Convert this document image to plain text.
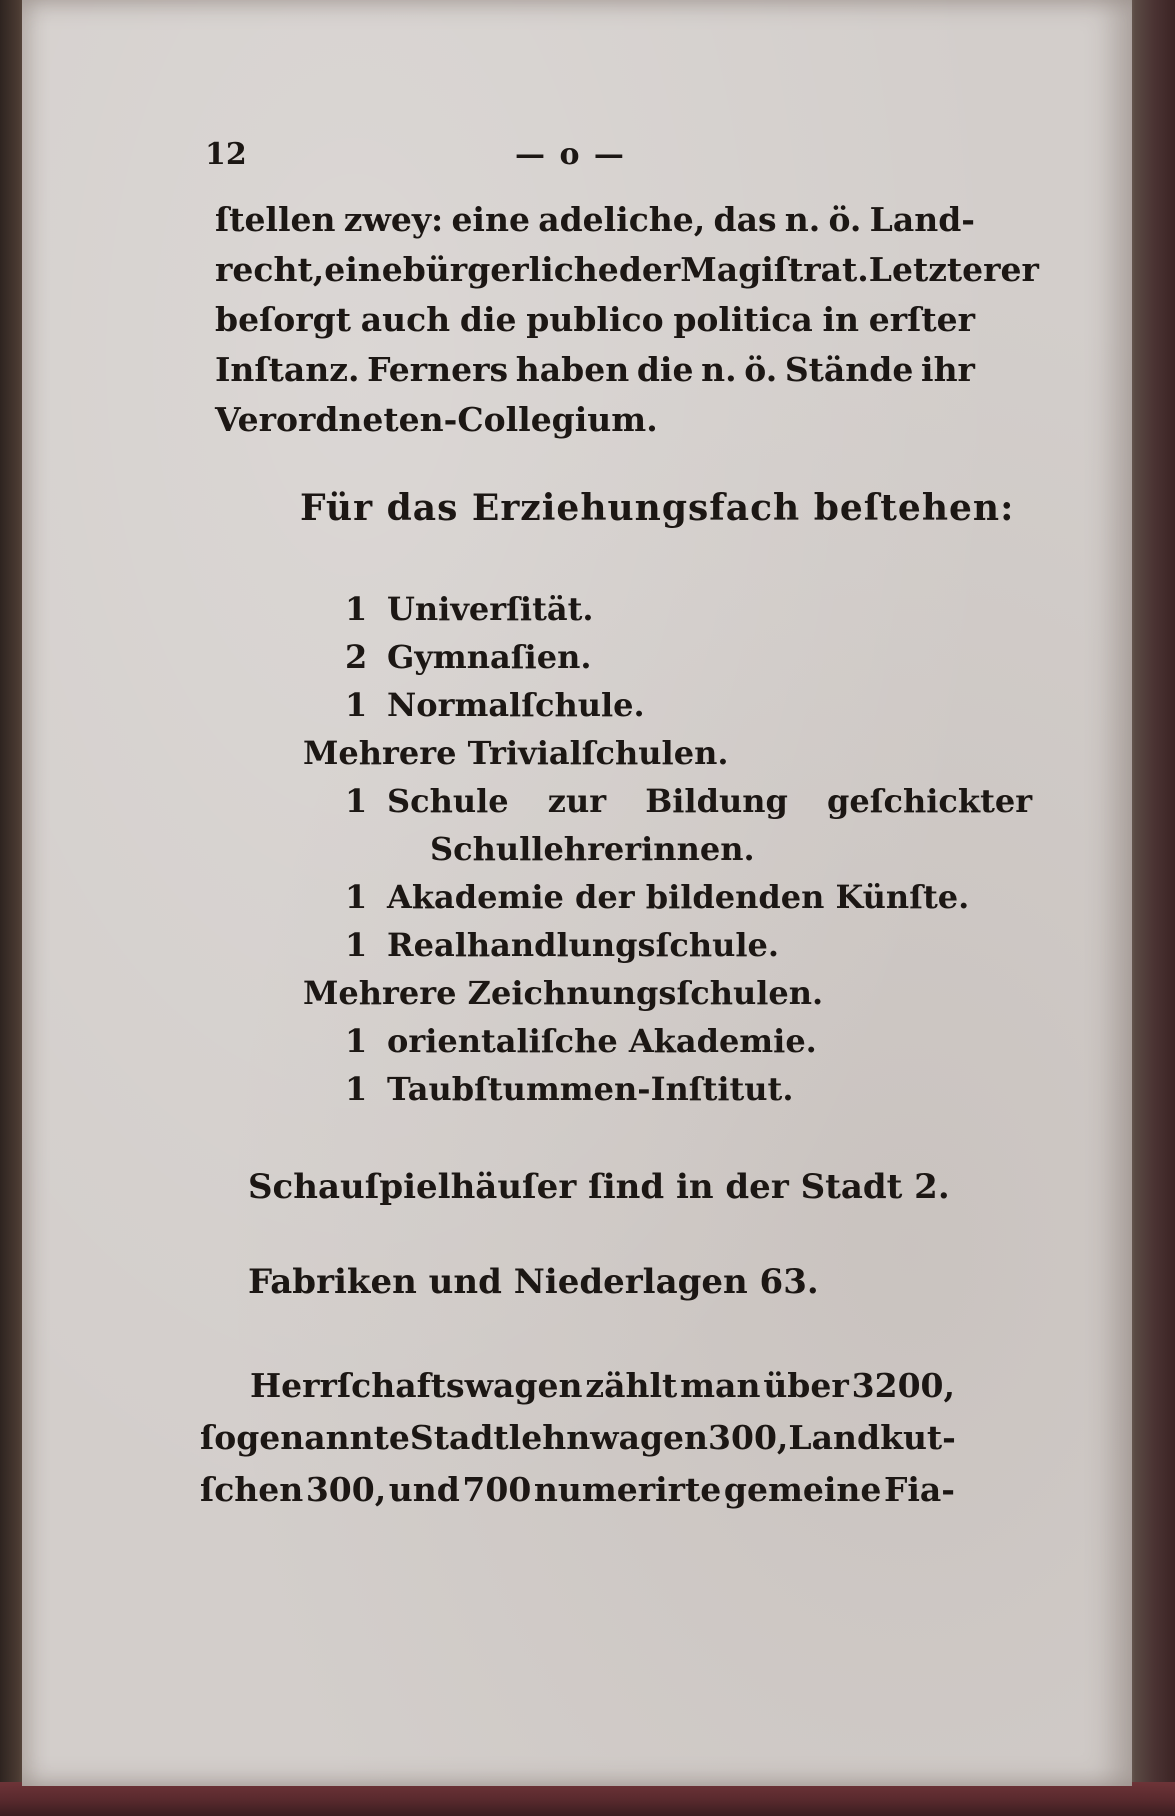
12	— o —
ſtellen zwey: eine adeliche, das n. ö. Land-
recht, eine bürgerliche der Magiſtrat. Letzterer
beſorgt auch die publico politica in erſter
Inſtanz. Ferners haben die n. ö. Stände ihr
Verordneten-Collegium.
Für das Erziehungsfach beſtehen:
1 Univerſität.
2 Gymnaſien.
1 Normalſchule.
Mehrere Trivialſchulen.
1 Schule zur Bildung geſchickter
Schullehrerinnen.
1 Akademie der bildenden Künſte.
1 Realhandlungsſchule.
Mehrere Zeichnungsſchulen.
1 orientaliſche Akademie.
1 Taubſtummen-Inſtitut.
Schauſpielhäuſer ſind in der Stadt 2.
Fabriken und Niederlagen 63.
Herrſchaftswagen zählt man über 3200,
ſogenannte Stadtlehnwagen 300, Landkut-
ſchen 300, und 700 numerirte gemeine Fia-
